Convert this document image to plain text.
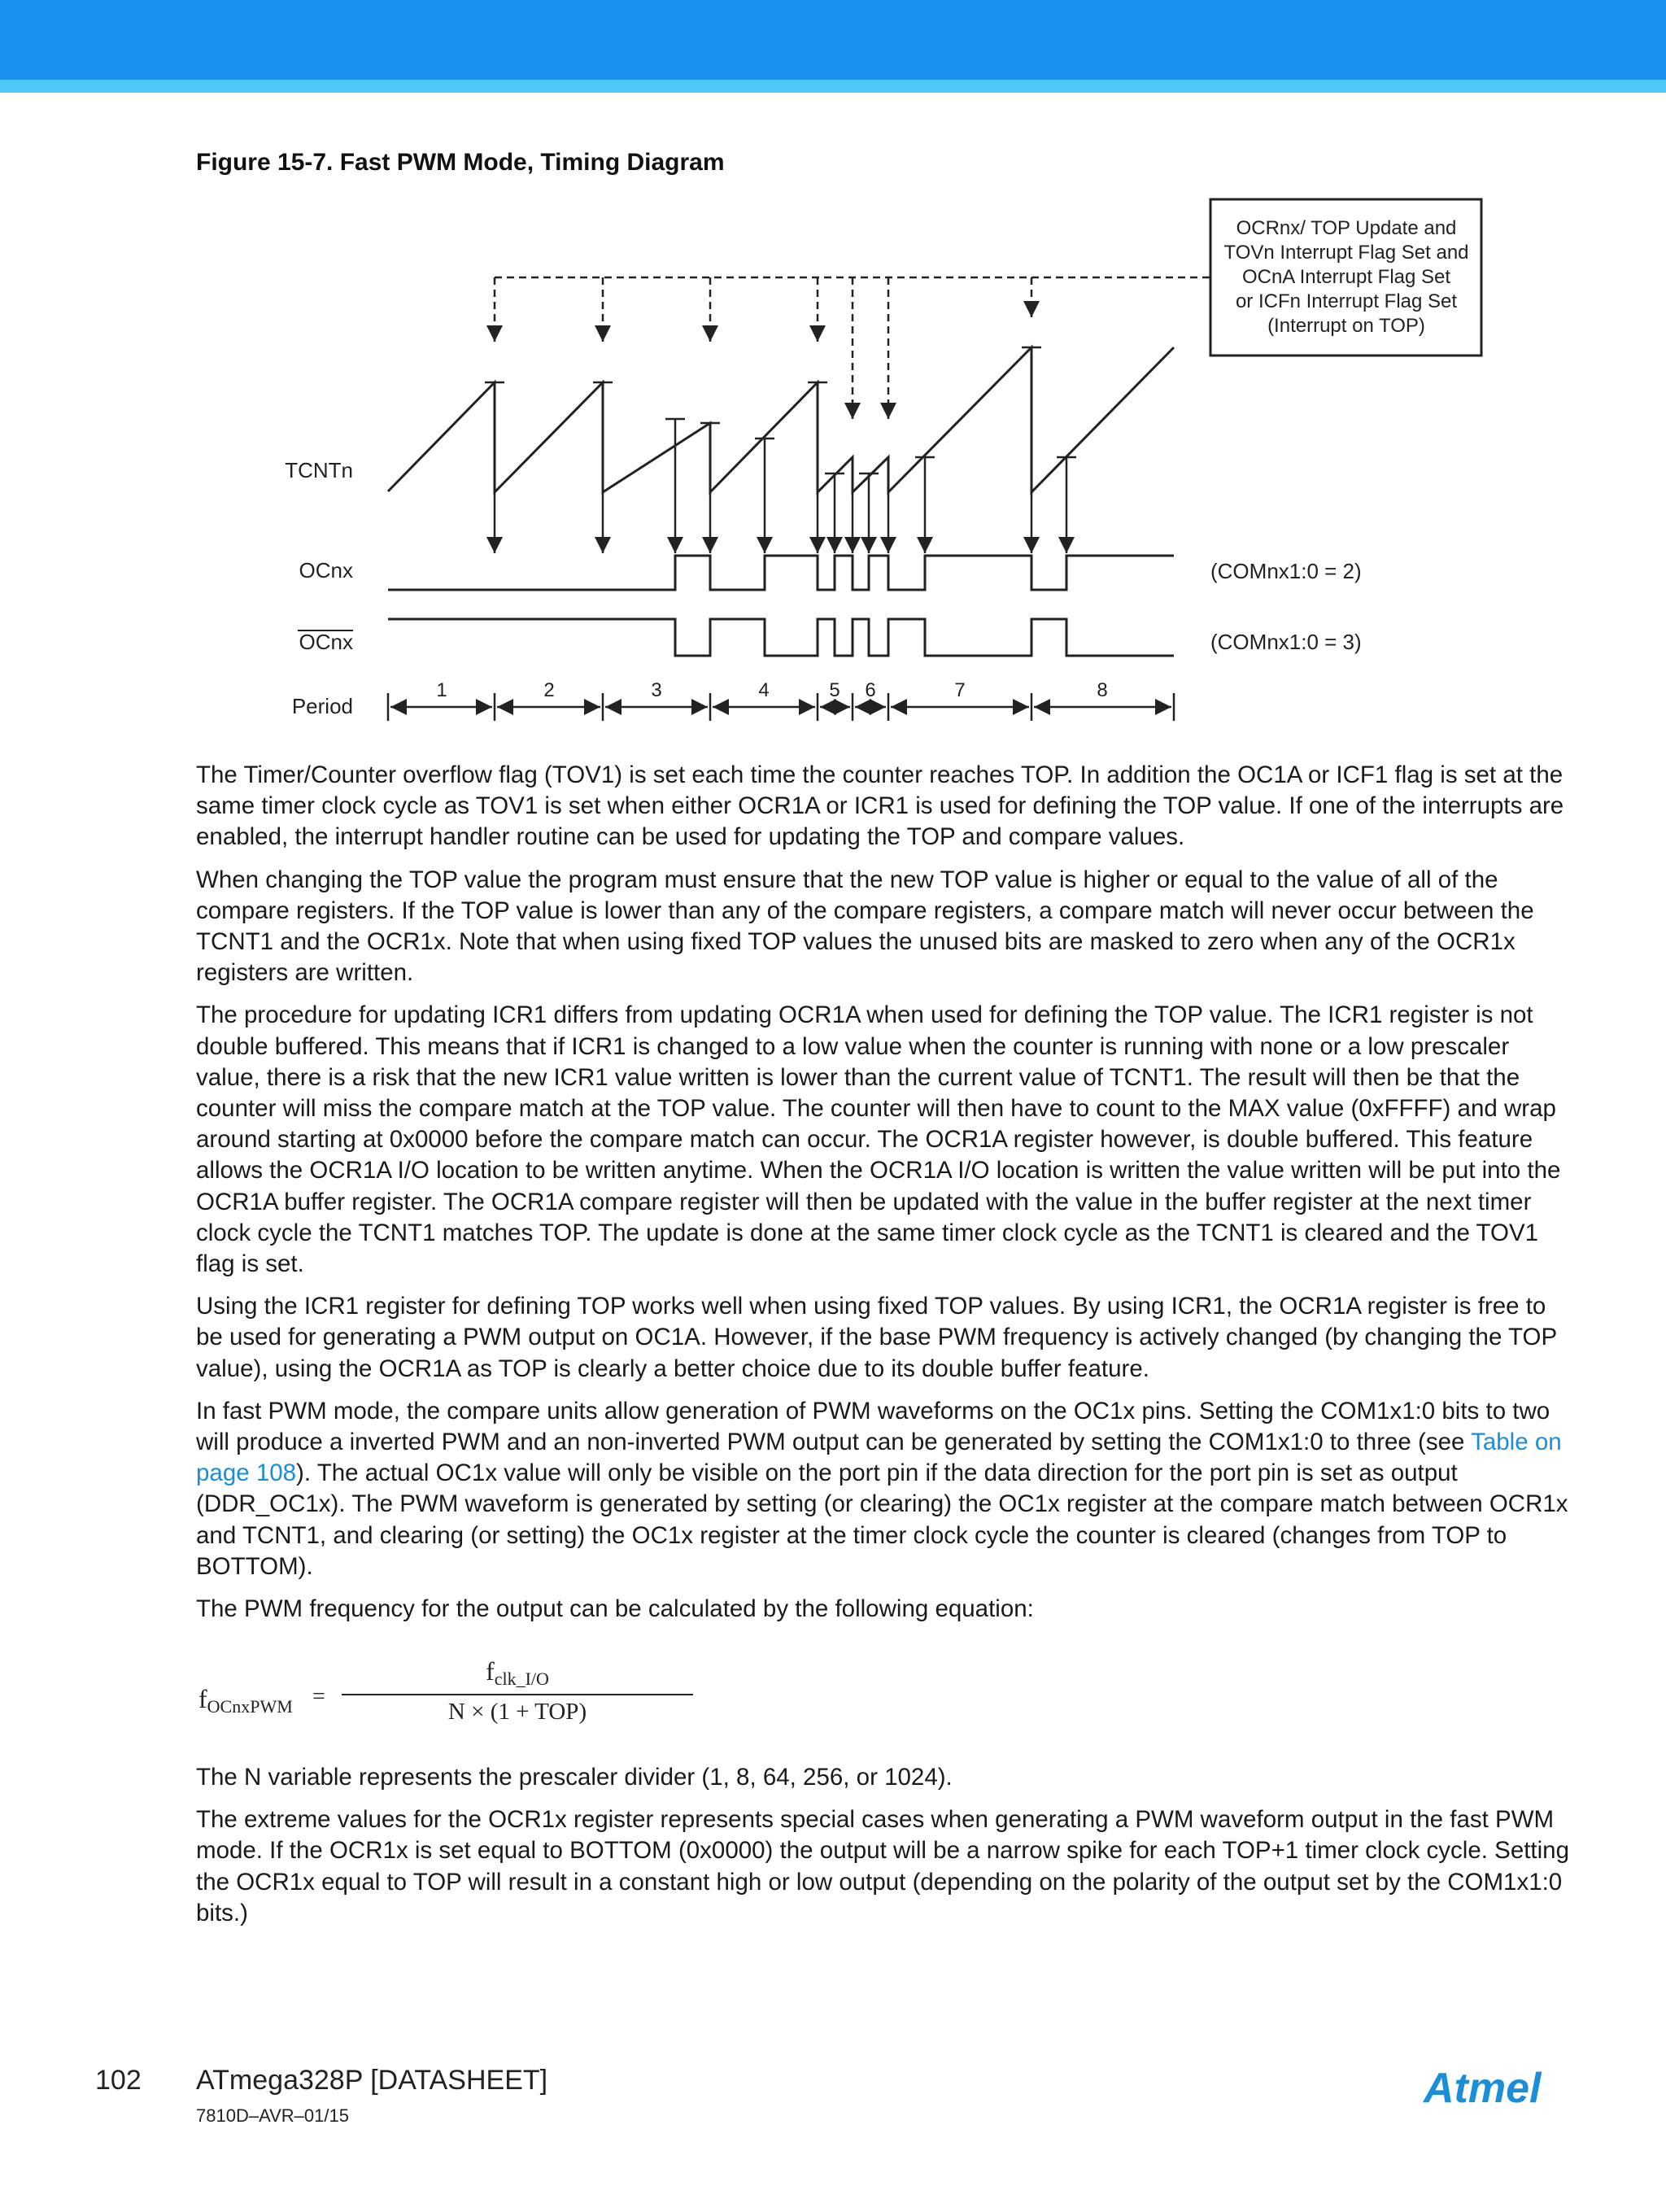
Figure 15-7. Fast PWM Mode, Timing Diagram
OCRnx/ TOP Update and
TOVn Interrupt Flag Set and
OCnA Interrupt Flag Set
or ICFn Interrupt Flag Set
(Interrupt on TOP)
TCNTn
OCnx
OCnx
Period
(COMnx1:0 = 2)
(COMnx1:0 = 3)
1	2	3	4	5 6	7	8

The Timer/Counter overflow flag (TOV1) is set each time the counter reaches TOP. In addition the OC1A or ICF1 flag is set at the same timer clock cycle as TOV1 is set when either OCR1A or ICR1 is used for defining the TOP value. If one of the interrupts are enabled, the interrupt handler routine can be used for updating the TOP and compare values.

When changing the TOP value the program must ensure that the new TOP value is higher or equal to the value of all of the compare registers. If the TOP value is lower than any of the compare registers, a compare match will never occur between the TCNT1 and the OCR1x. Note that when using fixed TOP values the unused bits are masked to zero when any of the OCR1x registers are written.

The procedure for updating ICR1 differs from updating OCR1A when used for defining the TOP value. The ICR1 register is not double buffered. This means that if ICR1 is changed to a low value when the counter is running with none or a low prescaler value, there is a risk that the new ICR1 value written is lower than the current value of TCNT1. The result will then be that the counter will miss the compare match at the TOP value. The counter will then have to count to the MAX value (0xFFFF) and wrap around starting at 0x0000 before the compare match can occur. The OCR1A register however, is double buffered. This feature allows the OCR1A I/O location to be written anytime. When the OCR1A I/O location is written the value written will be put into the OCR1A buffer register. The OCR1A compare register will then be updated with the value in the buffer register at the next timer clock cycle the TCNT1 matches TOP. The update is done at the same timer clock cycle as the TCNT1 is cleared and the TOV1 flag is set.

Using the ICR1 register for defining TOP works well when using fixed TOP values. By using ICR1, the OCR1A register is free to be used for generating a PWM output on OC1A. However, if the base PWM frequency is actively changed (by changing the TOP value), using the OCR1A as TOP is clearly a better choice due to its double buffer feature.

In fast PWM mode, the compare units allow generation of PWM waveforms on the OC1x pins. Setting the COM1x1:0 bits to two will produce a inverted PWM and an non-inverted PWM output can be generated by setting the COM1x1:0 to three (see Table on page 108). The actual OC1x value will only be visible on the port pin if the data direction for the port pin is set as output (DDR_OC1x). The PWM waveform is generated by setting (or clearing) the OC1x register at the compare match between OCR1x and TCNT1, and clearing (or setting) the OC1x register at the timer clock cycle the counter is cleared (changes from TOP to BOTTOM).

The PWM frequency for the output can be calculated by the following equation:

$f_{OCnxPWM}$ =
$f_{clk\_I/O}$
N × (1 + TOP)

The N variable represents the prescaler divider (1, 8, 64, 256, or 1024).

The extreme values for the OCR1x register represents special cases when generating a PWM waveform output in the fast PWM mode. If the OCR1x is set equal to BOTTOM (0x0000) the output will be a narrow spike for each TOP+1 timer clock cycle. Setting the OCR1x equal to TOP will result in a constant high or low output (depending on the polarity of the output set by the COM1x1:0 bits.)

102 ATmega328P [DATASHEET]
7810D–AVR–01/15
Atmel
